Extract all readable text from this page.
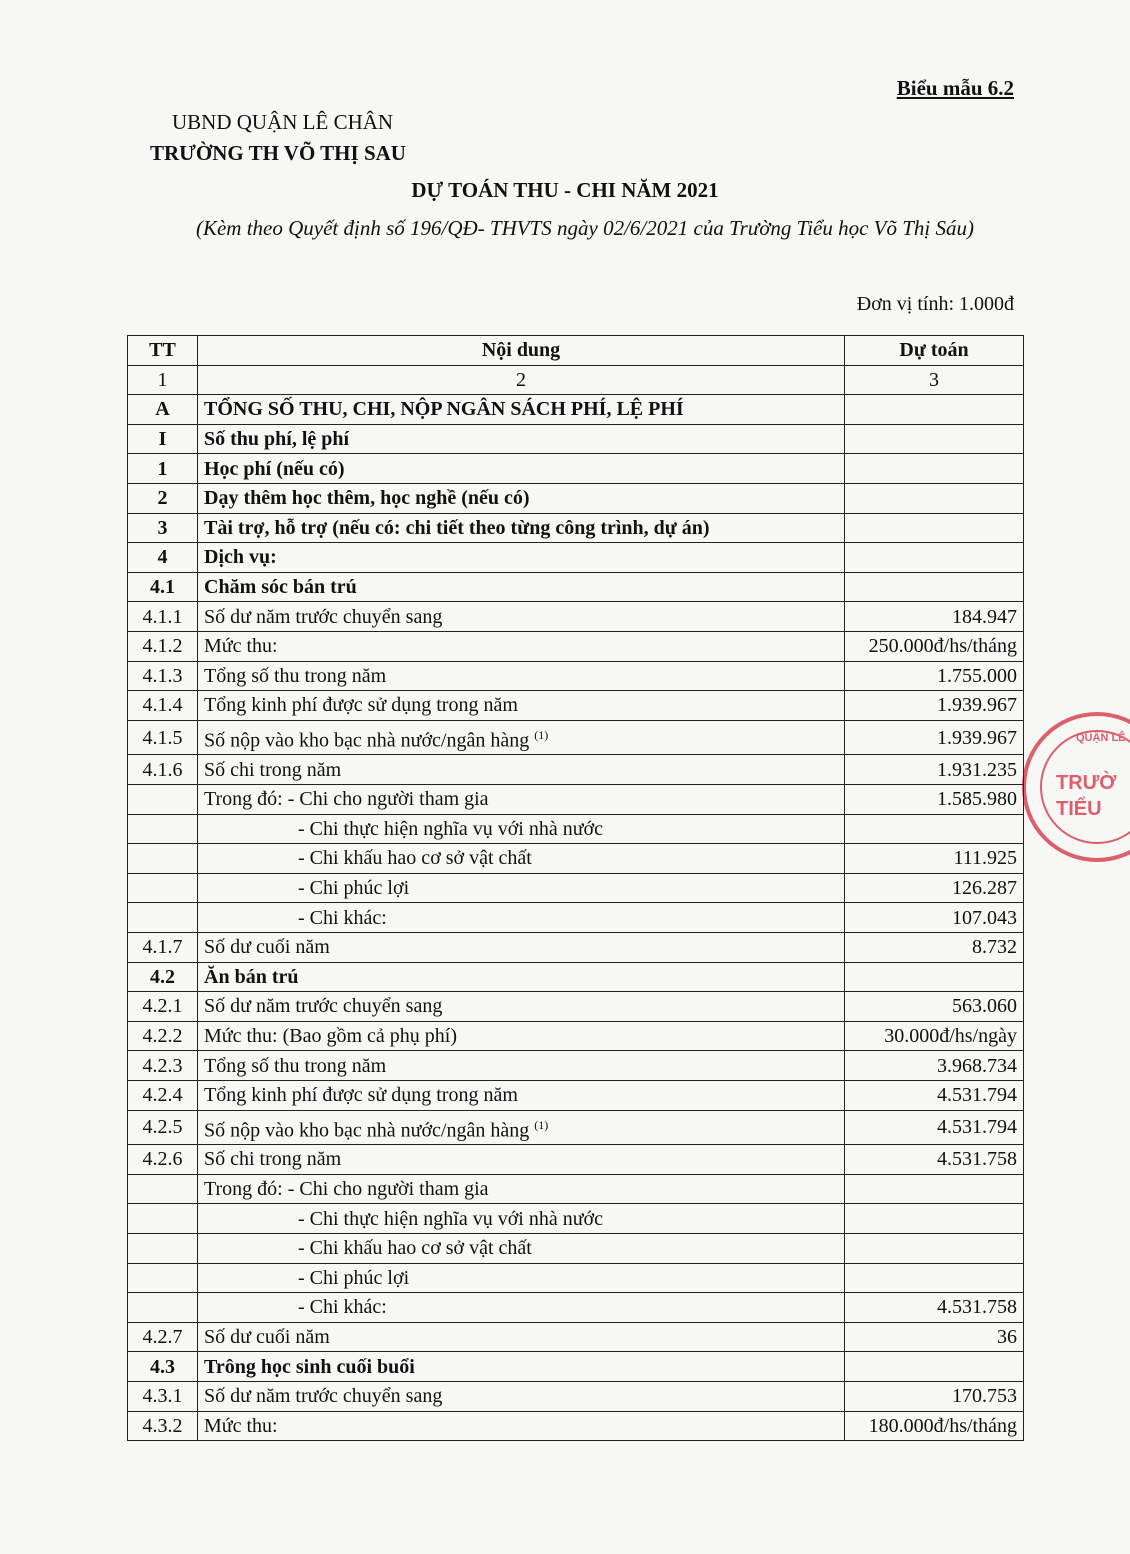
Biểu mẫu 6.2
UBND QUẬN LÊ CHÂN
TRƯỜNG TH VÕ THỊ SAU
DỰ TOÁN THU - CHI NĂM 2021
(Kèm theo Quyết định số 196/QĐ- THVTS ngày 02/6/2021 của Trường Tiểu học Võ Thị Sáu)
Đơn vị tính: 1.000đ
QUẬN LÊ
TRƯỜ
TIỂU
TT	Nội dung	Dự toán
1	2	3
A	TỔNG SỐ THU, CHI, NỘP NGÂN SÁCH PHÍ, LỆ PHÍ	
I	Số thu phí, lệ phí	
1	Học phí (nếu có)	
2	Dạy thêm học thêm, học nghề (nếu có)	
3	Tài trợ, hỗ trợ (nếu có: chi tiết theo từng công trình, dự án)	
4	Dịch vụ:	
4.1	Chăm sóc bán trú	
4.1.1	Số dư năm trước chuyển sang	184.947
4.1.2	Mức thu:	250.000đ/hs/tháng
4.1.3	Tổng số thu trong năm	1.755.000
4.1.4	Tổng kinh phí được sử dụng trong năm	1.939.967
4.1.5	Số nộp vào kho bạc nhà nước/ngân hàng $^{(1)}$	1.939.967
4.1.6	Số chi trong năm	1.931.235
	Trong đó: - Chi cho người tham gia	1.585.980
	- Chi thực hiện nghĩa vụ với nhà nước	
	- Chi khấu hao cơ sở vật chất	111.925
	- Chi phúc lợi	126.287
	- Chi khác:	107.043
4.1.7	Số dư cuối năm	8.732
4.2	Ăn bán trú	
4.2.1	Số dư năm trước chuyển sang	563.060
4.2.2	Mức thu: (Bao gồm cả phụ phí)	30.000đ/hs/ngày
4.2.3	Tổng số thu trong năm	3.968.734
4.2.4	Tổng kinh phí được sử dụng trong năm	4.531.794
4.2.5	Số nộp vào kho bạc nhà nước/ngân hàng $^{(1)}$	4.531.794
4.2.6	Số chi trong năm	4.531.758
	Trong đó: - Chi cho người tham gia	
	- Chi thực hiện nghĩa vụ với nhà nước	
	- Chi khấu hao cơ sở vật chất	
	- Chi phúc lợi	
	- Chi khác:	4.531.758
4.2.7	Số dư cuối năm	36
4.3	Trông học sinh cuối buổi	
4.3.1	Số dư năm trước chuyển sang	170.753
4.3.2	Mức thu:	180.000đ/hs/tháng
